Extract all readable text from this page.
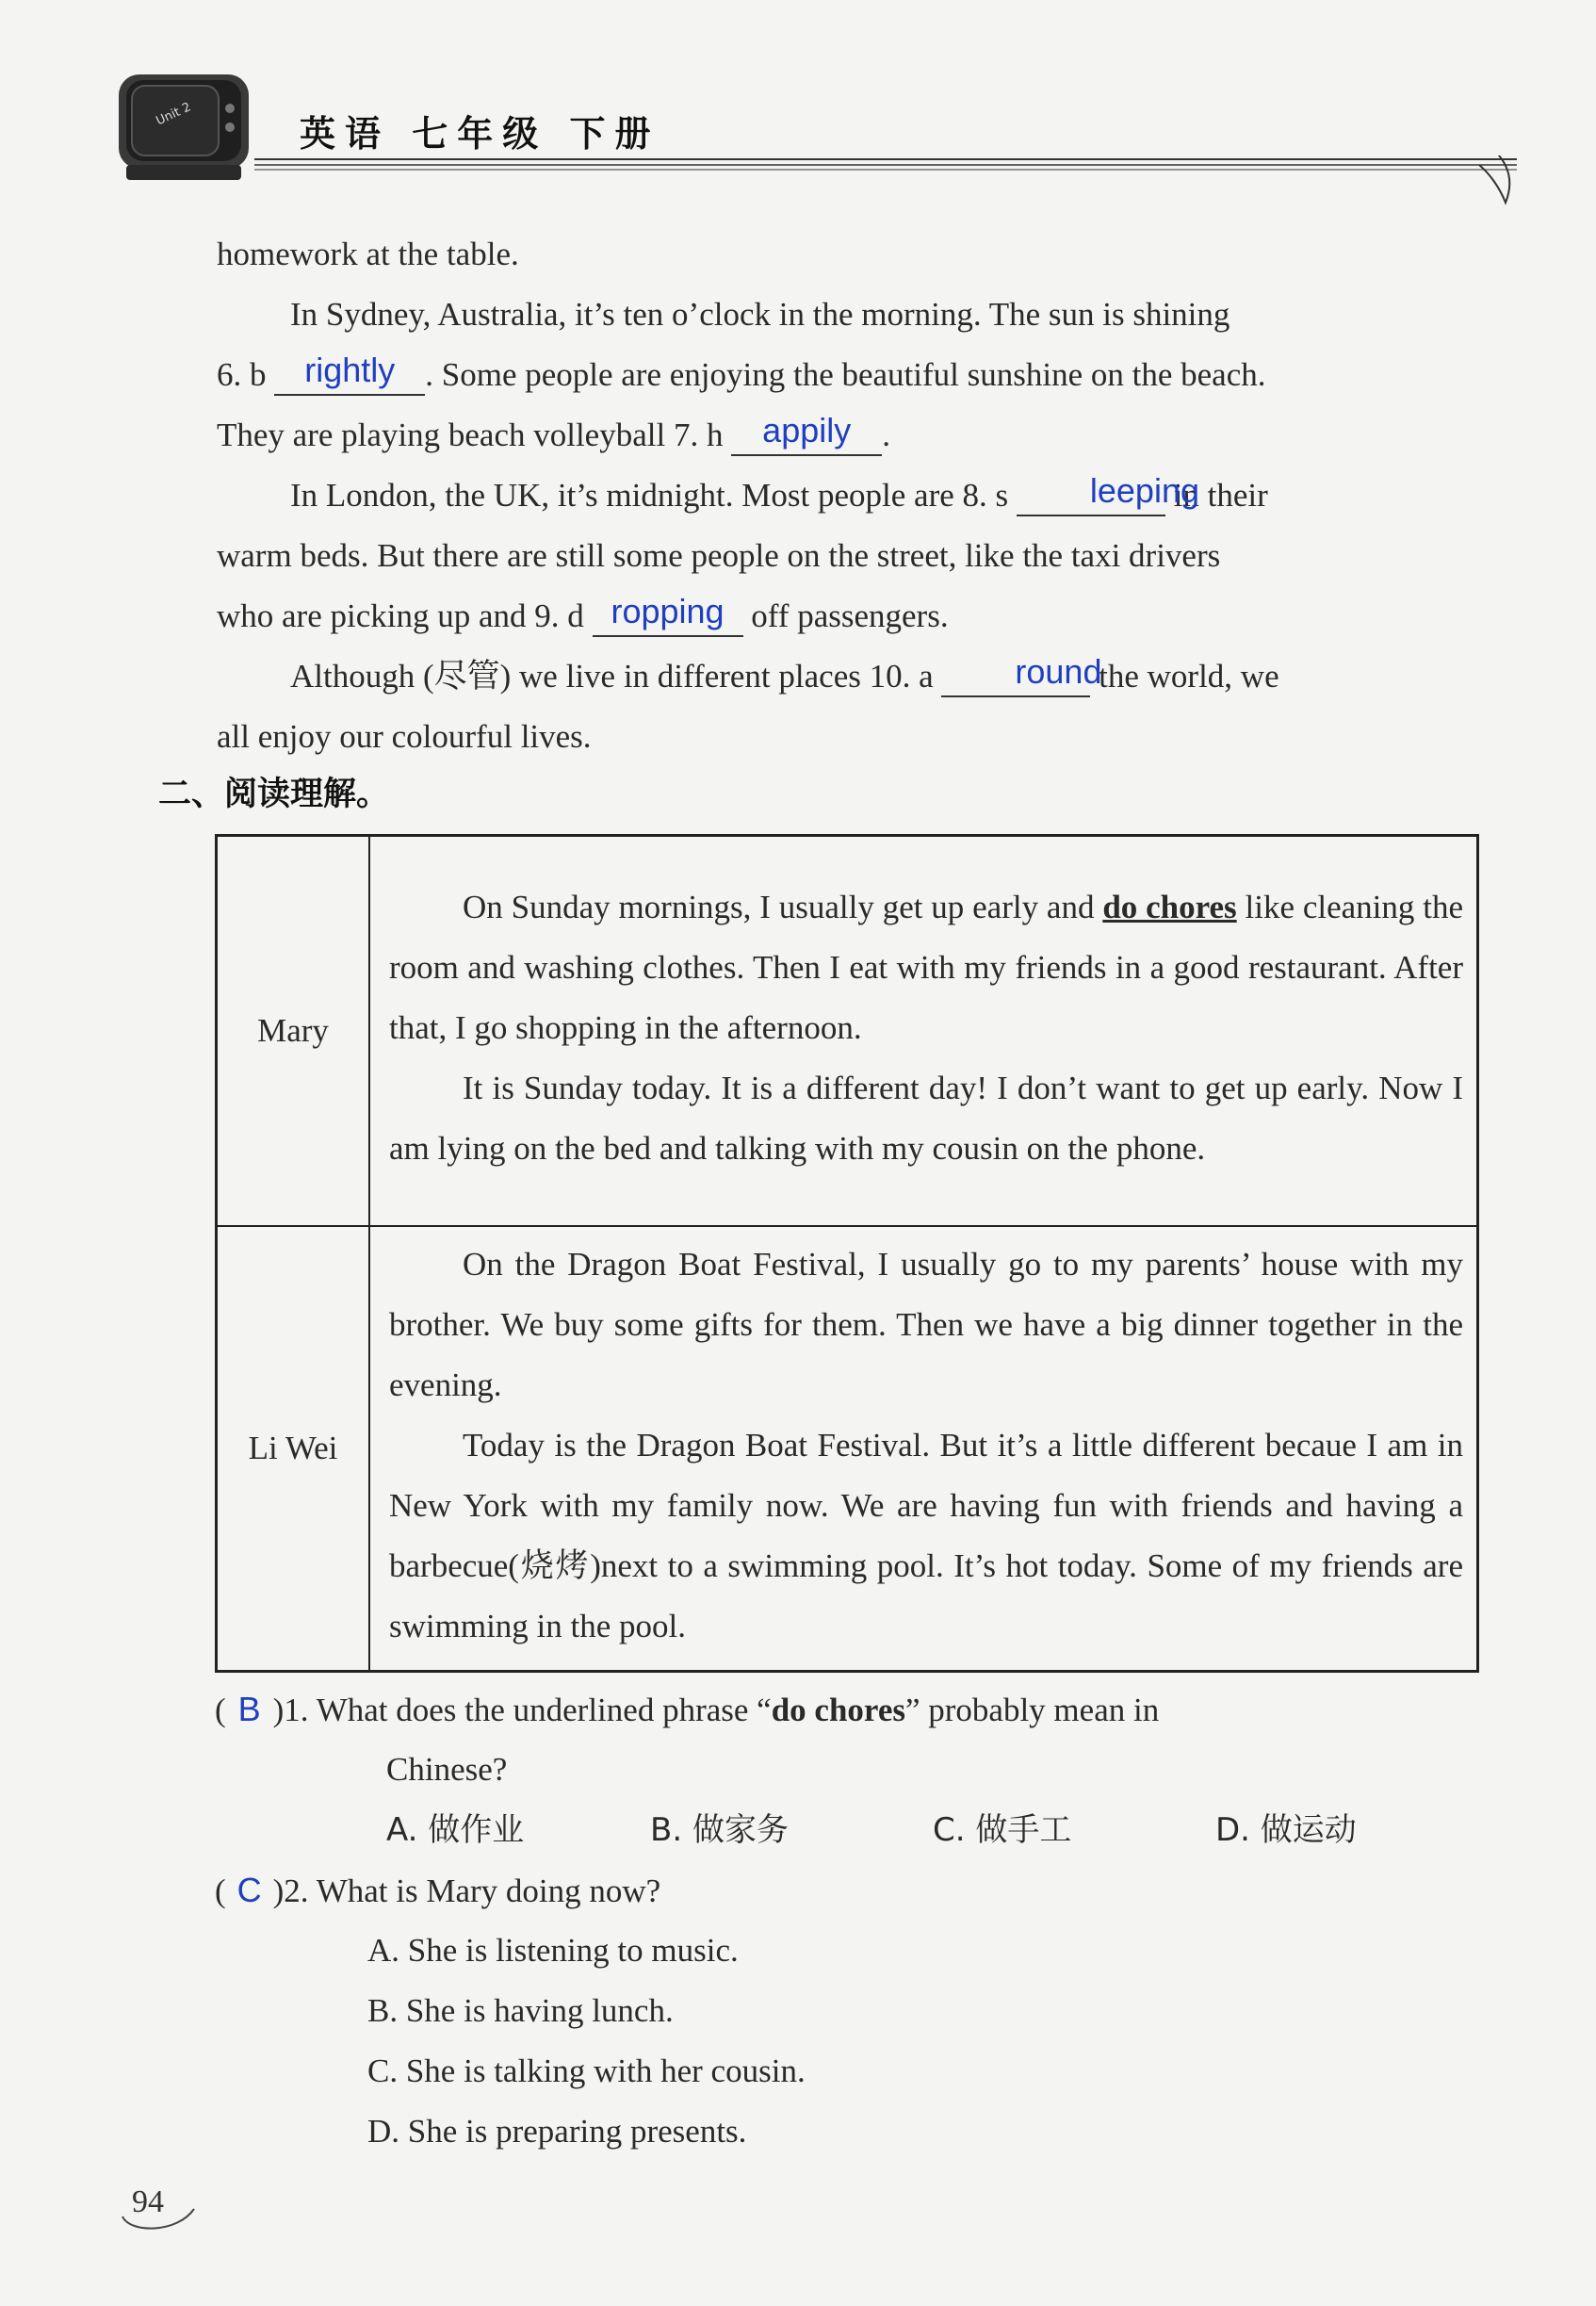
Unit 2	英语 七年级 下册
homework at the table.
In Sydney, Australia, it’s ten o’clock in the morning. The sun is shining
6. b rightly . Some people are enjoying the beautiful sunshine on the beach.
They are playing beach volleyball 7. h appily .
In London, the UK, it’s midnight. Most people are 8. s leeping in their
warm beds. But there are still some people on the street, like the taxi drivers
who are picking up and 9. d ropping off passengers.
Although (尽管) we live in different places 10. a round the world, we
all enjoy our colourful lives.
二、阅读理解。
Mary	On Sunday mornings, I usually get up early and do chores like cleaning the room and washing clothes. Then I eat with my friends in a good restaurant. After that, I go shopping in the afternoon.

It is Sunday today. It is a different day! I don’t want to get up early. Now I am lying on the bed and talking with my cousin on the phone.

Li Wei	On the Dragon Boat Festival, I usually go to my parents’ house with my brother. We buy some gifts for them. Then we have a big dinner together in the evening.

Today is the Dragon Boat Festival. But it’s a little different becaue I am in New York with my family now. We are having fun with friends and having a barbecue(烧烤)next to a swimming pool. It’s hot today. Some of my friends are swimming in the pool.

( B )1. What does the underlined phrase “do chores” probably mean in
Chinese?
A. 做作业	B. 做家务	C. 做手工	D. 做运动
( C )2. What is Mary doing now?
A. She is listening to music.
B. She is having lunch.
C. She is talking with her cousin.
D. She is preparing presents.
94
